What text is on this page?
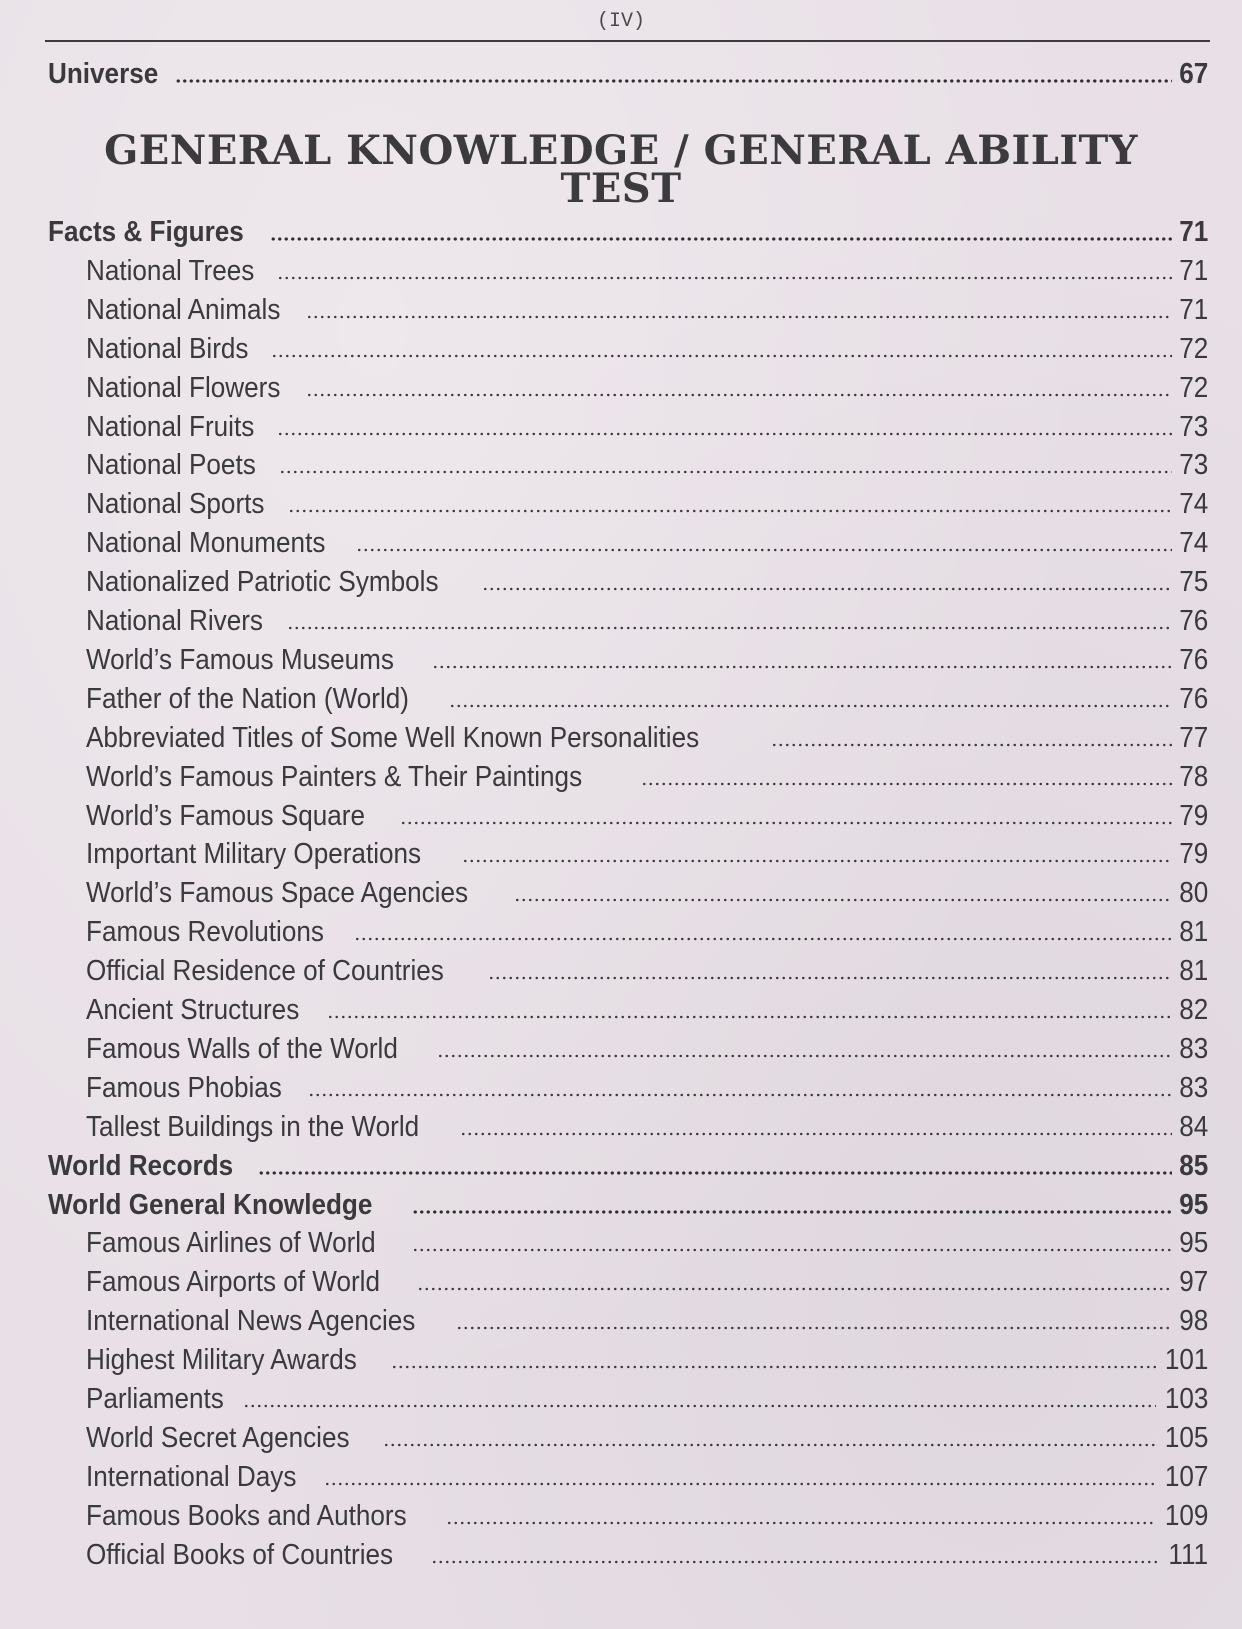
(IV)
Universe	67
GENERAL KNOWLEDGE / GENERAL ABILITY
TEST
Facts & Figures	71
National Trees	71
National Animals	71
National Birds	72
National Flowers	72
National Fruits	73
National Poets	73
National Sports	74
National Monuments	74
Nationalized Patriotic Symbols	75
National Rivers	76
World’s Famous Museums	76
Father of the Nation (World)	76
Abbreviated Titles of Some Well Known Personalities	77
World’s Famous Painters & Their Paintings	78
World’s Famous Square	79
Important Military Operations	79
World’s Famous Space Agencies	80
Famous Revolutions	81
Official Residence of Countries	81
Ancient Structures	82
Famous Walls of the World	83
Famous Phobias	83
Tallest Buildings in the World	84
World Records	85
World General Knowledge	95
Famous Airlines of World	95
Famous Airports of World	97
International News Agencies	98
Highest Military Awards	101
Parliaments	103
World Secret Agencies	105
International Days	107
Famous Books and Authors	109
Official Books of Countries	111
